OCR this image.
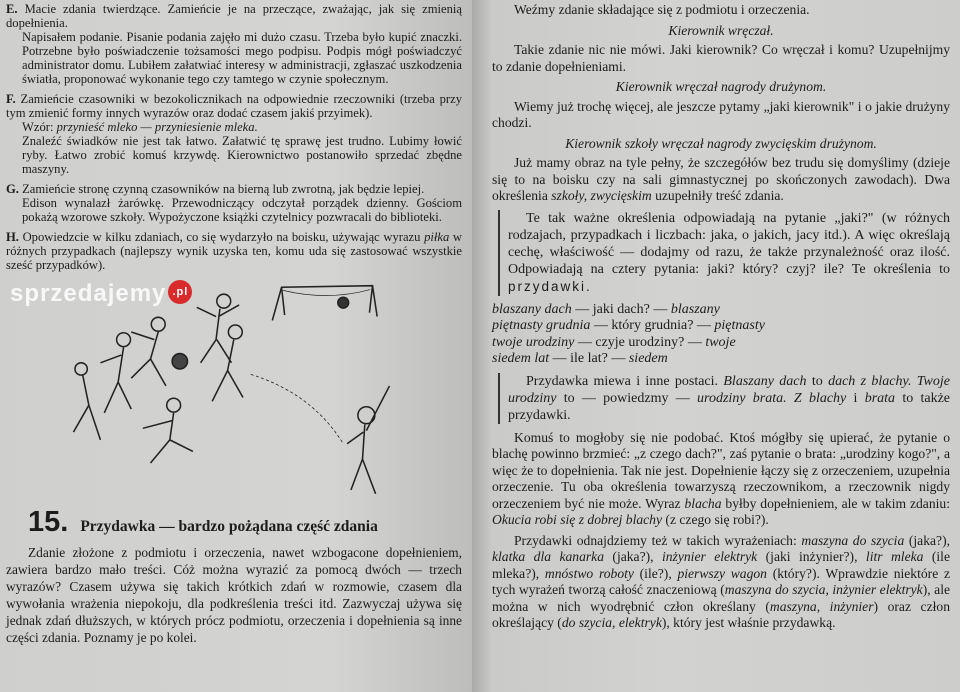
E. Macie zdania twierdzące. Zamieńcie je na przeczące, zważając, jak się zmienią dopełnienia.
Napisałem podanie. Pisanie podania zajęło mi dużo czasu. Trzeba było kupić znaczki. Potrzebne było poświadczenie tożsamości mego podpisu. Podpis mógł poświadczyć administrator domu. Lubiłem załatwiać interesy w administracji, zgłaszać uszkodzenia światła, proponować wykonanie tego czy tamtego w czynie społecznym.

F. Zamieńcie czasowniki w bezokolicznikach na odpowiednie rzeczowniki (trzeba przy tym zmienić formy innych wyrazów oraz dodać czasem jakiś przyimek).
Wzór: przynieść mleko — przyniesienie mleka.
Znaleźć świadków nie jest tak łatwo. Załatwić tę sprawę jest trudno. Lubimy łowić ryby. Łatwo zrobić komuś krzywdę. Kierownictwo postanowiło sprzedać zbędne maszyny.

G. Zamieńcie stronę czynną czasowników na bierną lub zwrotną, jak będzie lepiej.
Edison wynalazł żarówkę. Przewodniczący odczytał porządek dzienny. Gościom pokażą wzorowe szkoły. Wypożyczone książki czytelnicy pozwracali do biblioteki.

H. Opowiedzcie w kilku zdaniach, co się wydarzyło na boisku, używając wyrazu piłka w różnych przypadkach (najlepszy wynik uzyska ten, komu uda się zastosować wszystkie sześć przypadków).

sprzedajemy .pl
15. Przydawka — bardzo pożądana część zdania

Zdanie złożone z podmiotu i orzeczenia, nawet wzbogacone dopełnieniem, zawiera bardzo mało treści. Cóż można wyrazić za pomocą dwóch — trzech wyrazów? Czasem używa się takich krótkich zdań w rozmowie, czasem dla wywołania wrażenia niepokoju, dla podkreślenia treści itd. Zazwyczaj używa się jednak zdań dłuższych, w których prócz podmiotu, orzeczenia i dopełnienia są inne części zdania. Poznamy je po kolei.

Weźmy zdanie składające się z podmiotu i orzeczenia.

Kierownik wręczał.

Takie zdanie nic nie mówi. Jaki kierownik? Co wręczał i komu? Uzupełnijmy to zdanie dopełnieniami.

Kierownik wręczał nagrody drużynom.

Wiemy już trochę więcej, ale jeszcze pytamy „jaki kierownik" i o jakie drużyny chodzi.

Kierownik szkoły wręczał nagrody zwycięskim drużynom.

Już mamy obraz na tyle pełny, że szczegółów bez trudu się domyślimy (dzieje się to na boisku czy na sali gimnastycznej po skończonych zawodach). Dwa określenia szkoły, zwycięskim uzupełniły treść zdania.

Te tak ważne określenia odpowiadają na pytanie „jaki?" (w różnych rodzajach, przypadkach i liczbach: jaka, o jakich, jacy itd.). A więc określają cechę, właściwość — dodajmy od razu, że także przynależność oraz ilość. Odpowiadają na cztery pytania: jaki? który? czyj? ile? Te określenia to przydawki.
blaszany dach — jaki dach? — blaszany
piętnasty grudnia — który grudnia? — piętnasty
twoje urodziny — czyje urodziny? — twoje
siedem lat — ile lat? — siedem
Przydawka miewa i inne postaci. Blaszany dach to dach z blachy. Twoje urodziny to — powiedzmy — urodziny brata. Z blachy i brata to także przydawki.

Komuś to mogłoby się nie podobać. Ktoś mógłby się upierać, że pytanie o blachę powinno brzmieć: „z czego dach?", zaś pytanie o brata: „urodziny kogo?", a więc że to dopełnienia. Tak nie jest. Dopełnienie łączy się z orzeczeniem, uzupełnia orzeczenie. Tu oba określenia towarzyszą rzeczownikom, a rzeczownik nigdy orzeczeniem być nie może. Wyraz blacha byłby dopełnieniem, ale w takim zdaniu: Okucia robi się z dobrej blachy (z czego się robi?).

Przydawki odnajdziemy też w takich wyrażeniach: maszyna do szycia (jaka?), klatka dla kanarka (jaka?), inżynier elektryk (jaki inżynier?), litr mleka (ile mleka?), mnóstwo roboty (ile?), pierwszy wagon (który?). Wprawdzie niektóre z tych wyrażeń tworzą całość znaczeniową (maszyna do szycia, inżynier elektryk), ale można w nich wyodrębnić człon określany (maszyna, inżynier) oraz człon określający (do szycia, elektryk), który jest właśnie przydawką.
